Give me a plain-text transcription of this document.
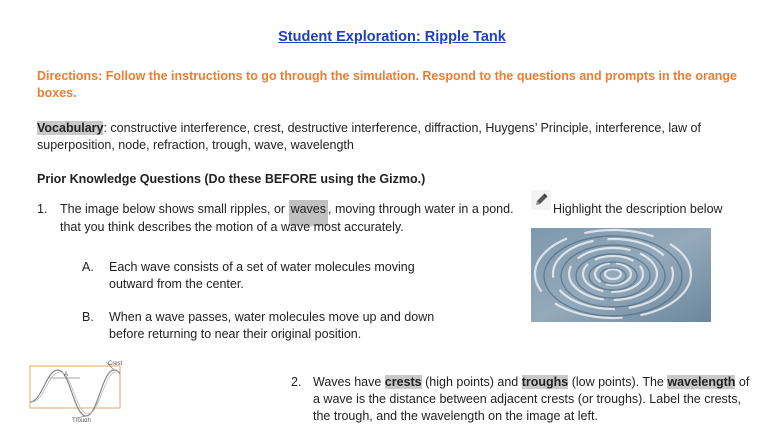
Student Exploration: Ripple Tank
Directions: Follow the instructions to go through the simulation. Respond to the questions and prompts in the orange boxes.
Vocabulary: constructive interference, crest, destructive interference, diffraction, Huygens’ Principle, interference, law of superposition, node, refraction, trough, wave, wavelength
Prior Knowledge Questions (Do these BEFORE using the Gizmo.)
1.	The image below shows small ripples, or waves , moving through water in a pond.	Highlight the description below
that you think describes the motion of a wave most accurately.
A. Each wave consists of a set of water molecules moving outward from the center.
B. When a wave passes, water molecules move up and down before returning to near their original position.
A
Crest
Trough
2. Waves have crests (high points) and troughs (low points). The wavelength of a wave is the distance between adjacent crests (or troughs). Label the crests, the trough, and the wavelength on the image at left.
